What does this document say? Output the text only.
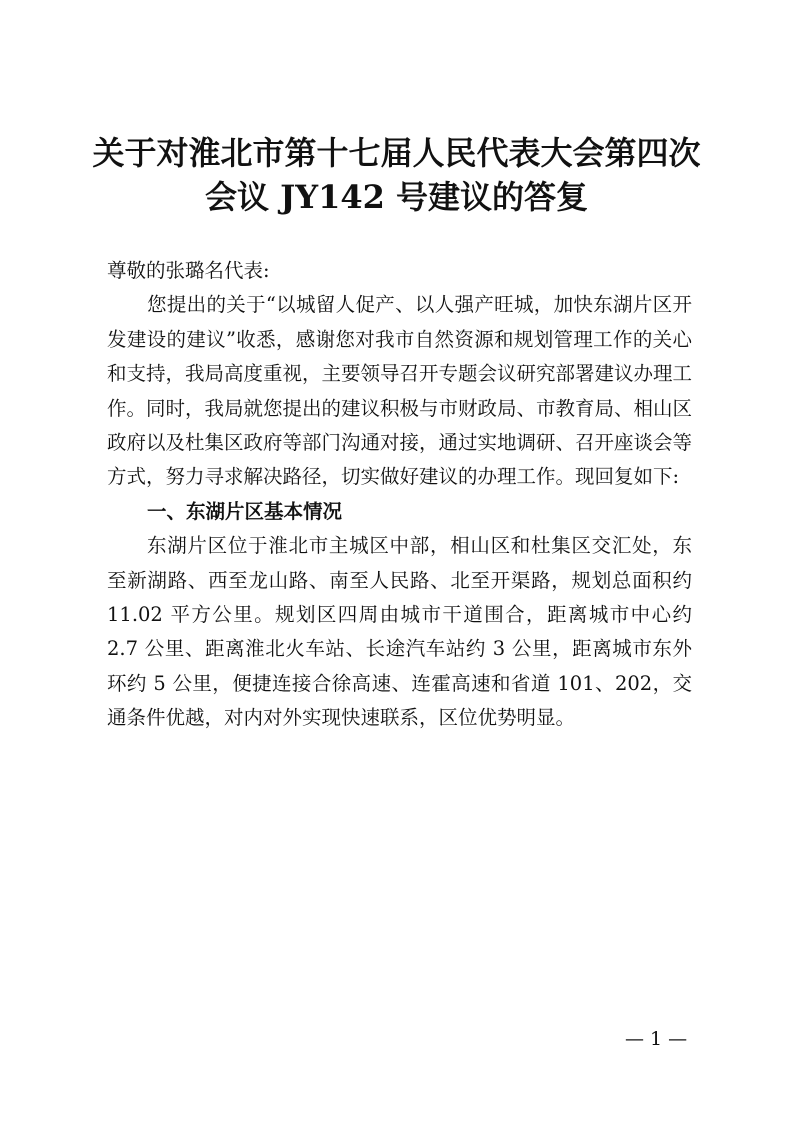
关于对淮北市第十七届人民代表大会第四次
会议 JY142 号建议的答复

尊敬的张璐名代表:

您提出的关于“以城留人促产、以人强产旺城，加快东湖片区开发建设的建议”收悉，感谢您对我市自然资源和规划管理工作的关心和支持，我局高度重视，主要领导召开专题会议研究部署建议办理工作。同时，我局就您提出的建议积极与市财政局、市教育局、相山区政府以及杜集区政府等部门沟通对接，通过实地调研、召开座谈会等方式，努力寻求解决路径，切实做好建议的办理工作。现回复如下:

一、东湖片区基本情况

东湖片区位于淮北市主城区中部，相山区和杜集区交汇处，东至新湖路、西至龙山路、南至人民路、北至开渠路，规划总面积约 11.02 平方公里。规划区四周由城市干道围合，距离城市中心约 2.7 公里、距离淮北火车站、长途汽车站约 3 公里，距离城市东外环约 5 公里，便捷连接合徐高速、连霍高速和省道 101、202，交通条件优越，对内对外实现快速联系，区位优势明显。

— 1 —
